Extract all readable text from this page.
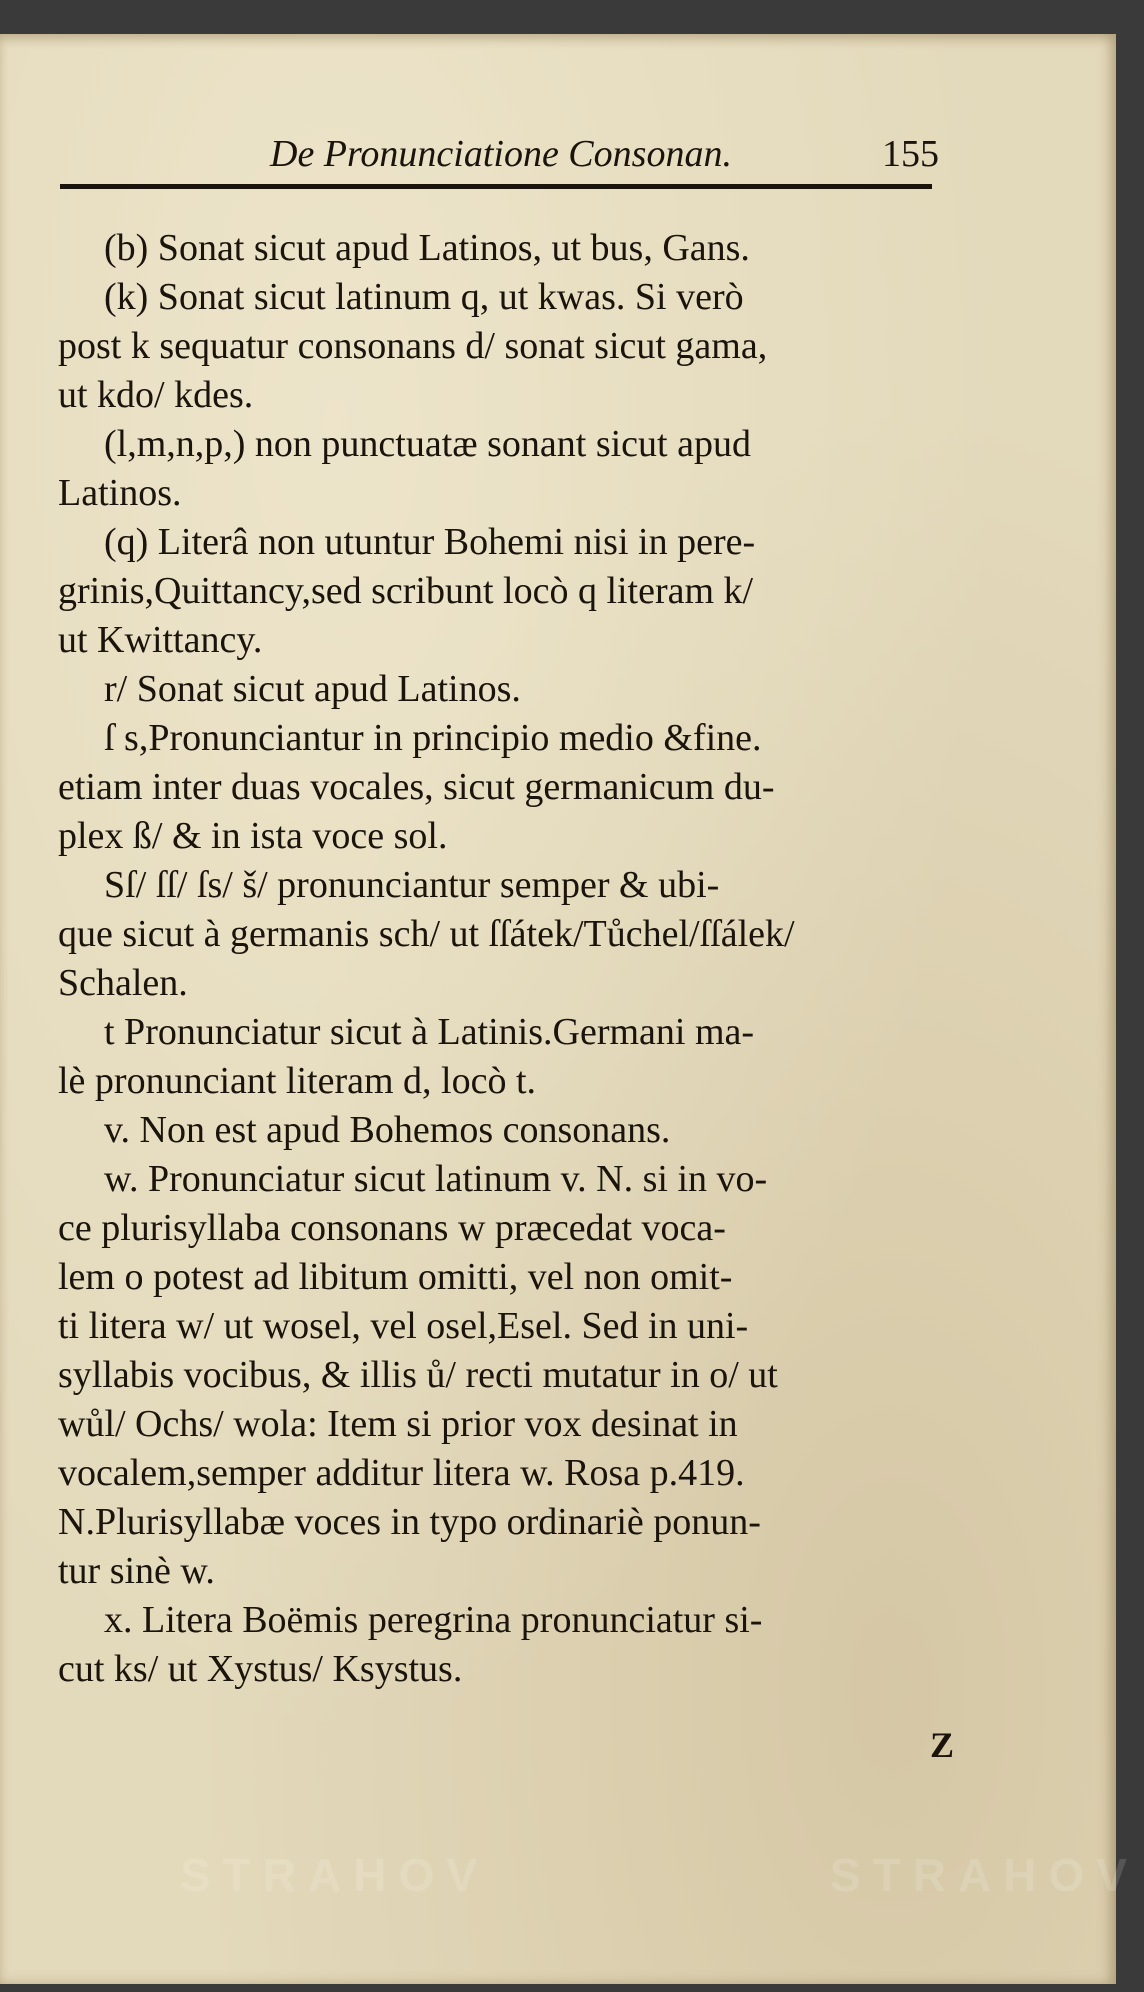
De Pronunciatione Consonan.	155
(b) Sonat sicut apud Latinos, ut bus, Gans.
(k) Sonat sicut latinum q, ut kwas. Si verò
post k sequatur consonans d/ sonat sicut gama,
ut kdo/ kdes.
(l,m,n,p,) non punctuatæ sonant sicut apud
Latinos.
(q) Literâ non utuntur Bohemi nisi in pere-
grinis,Quittancy,sed scribunt locò q literam k/
ut Kwittancy.
r/ Sonat sicut apud Latinos.
ſ s,Pronunciantur in principio medio &fine.
etiam inter duas vocales, sicut germanicum du-
plex ß/ & in ista voce sol.
Sſ/ ſſ/ ſs/ š/ pronunciantur semper & ubi-
que sicut à germanis sch/ ut ſſátek/Tůchel/ſſálek/
Schalen.
t Pronunciatur sicut à Latinis.Germani ma-
lè pronunciant literam d, locò t.
v. Non est apud Bohemos consonans.
w. Pronunciatur sicut latinum v. N. si in vo-
ce plurisyllaba consonans w præcedat voca-
lem o potest ad libitum omitti, vel non omit-
ti litera w/ ut wosel, vel osel,Esel. Sed in uni-
syllabis vocibus, & illis ů/ recti mutatur in o/ ut
wůl/ Ochs/ wola: Item si prior vox desinat in
vocalem,semper additur litera w. Rosa p.419.
N.Plurisyllabæ voces in typo ordinariè ponun-
tur sinè w.
x. Litera Boëmis peregrina pronunciatur si-
cut ks/ ut Xystus/ Ksystus.
Z
STRAHOV	STRAHOV
